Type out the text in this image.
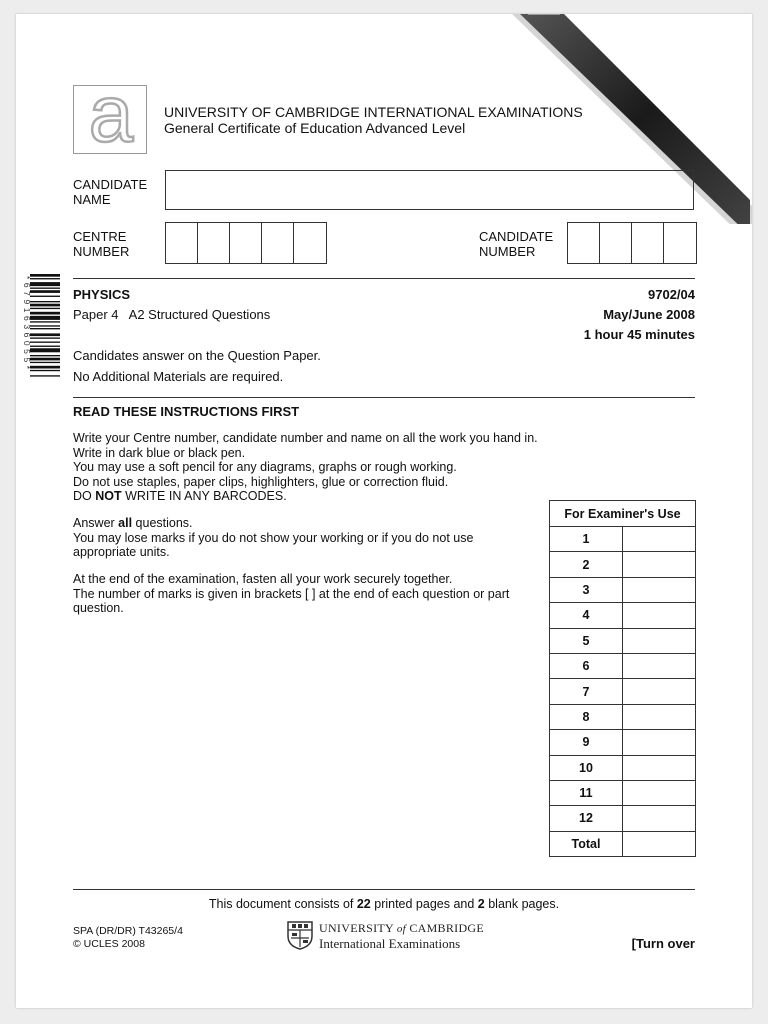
www.XtremePapers.com
a	UNIVERSITY OF CAMBRIDGE INTERNATIONAL EXAMINATIONS
General Certificate of Education Advanced Level
CANDIDATE
NAME
CENTRE
NUMBER
CANDIDATE
NUMBER
* 6 7 9 1 6 3 6 0 5 5 *	PHYSICS	9702/04
Paper 4   A2 Structured Questions	May/June 2008
1 hour 45 minutes
Candidates answer on the Question Paper.
No Additional Materials are required.
READ THESE INSTRUCTIONS FIRST
Write your Centre number, candidate number and name on all the work you hand in.
Write in dark blue or black pen.
You may use a soft pencil for any diagrams, graphs or rough working.
Do not use staples, paper clips, highlighters, glue or correction fluid.
DO NOT WRITE IN ANY BARCODES.
Answer all questions.
You may lose marks if you do not show your working or if you do not use
appropriate units.
At the end of the examination, fasten all your work securely together.
The number of marks is given in brackets [ ] at the end of each question or part
question.
For Examiner's Use	
1	
2	
3	
4	
5	
6	
7	
8	
9	
10	
11	
12	
Total	
This document consists of 22 printed pages and 2 blank pages.
SPA (DR/DR) T43265/4
© UCLES 2008
UNIVERSITY of CAMBRIDGE
International Examinations	[Turn over
